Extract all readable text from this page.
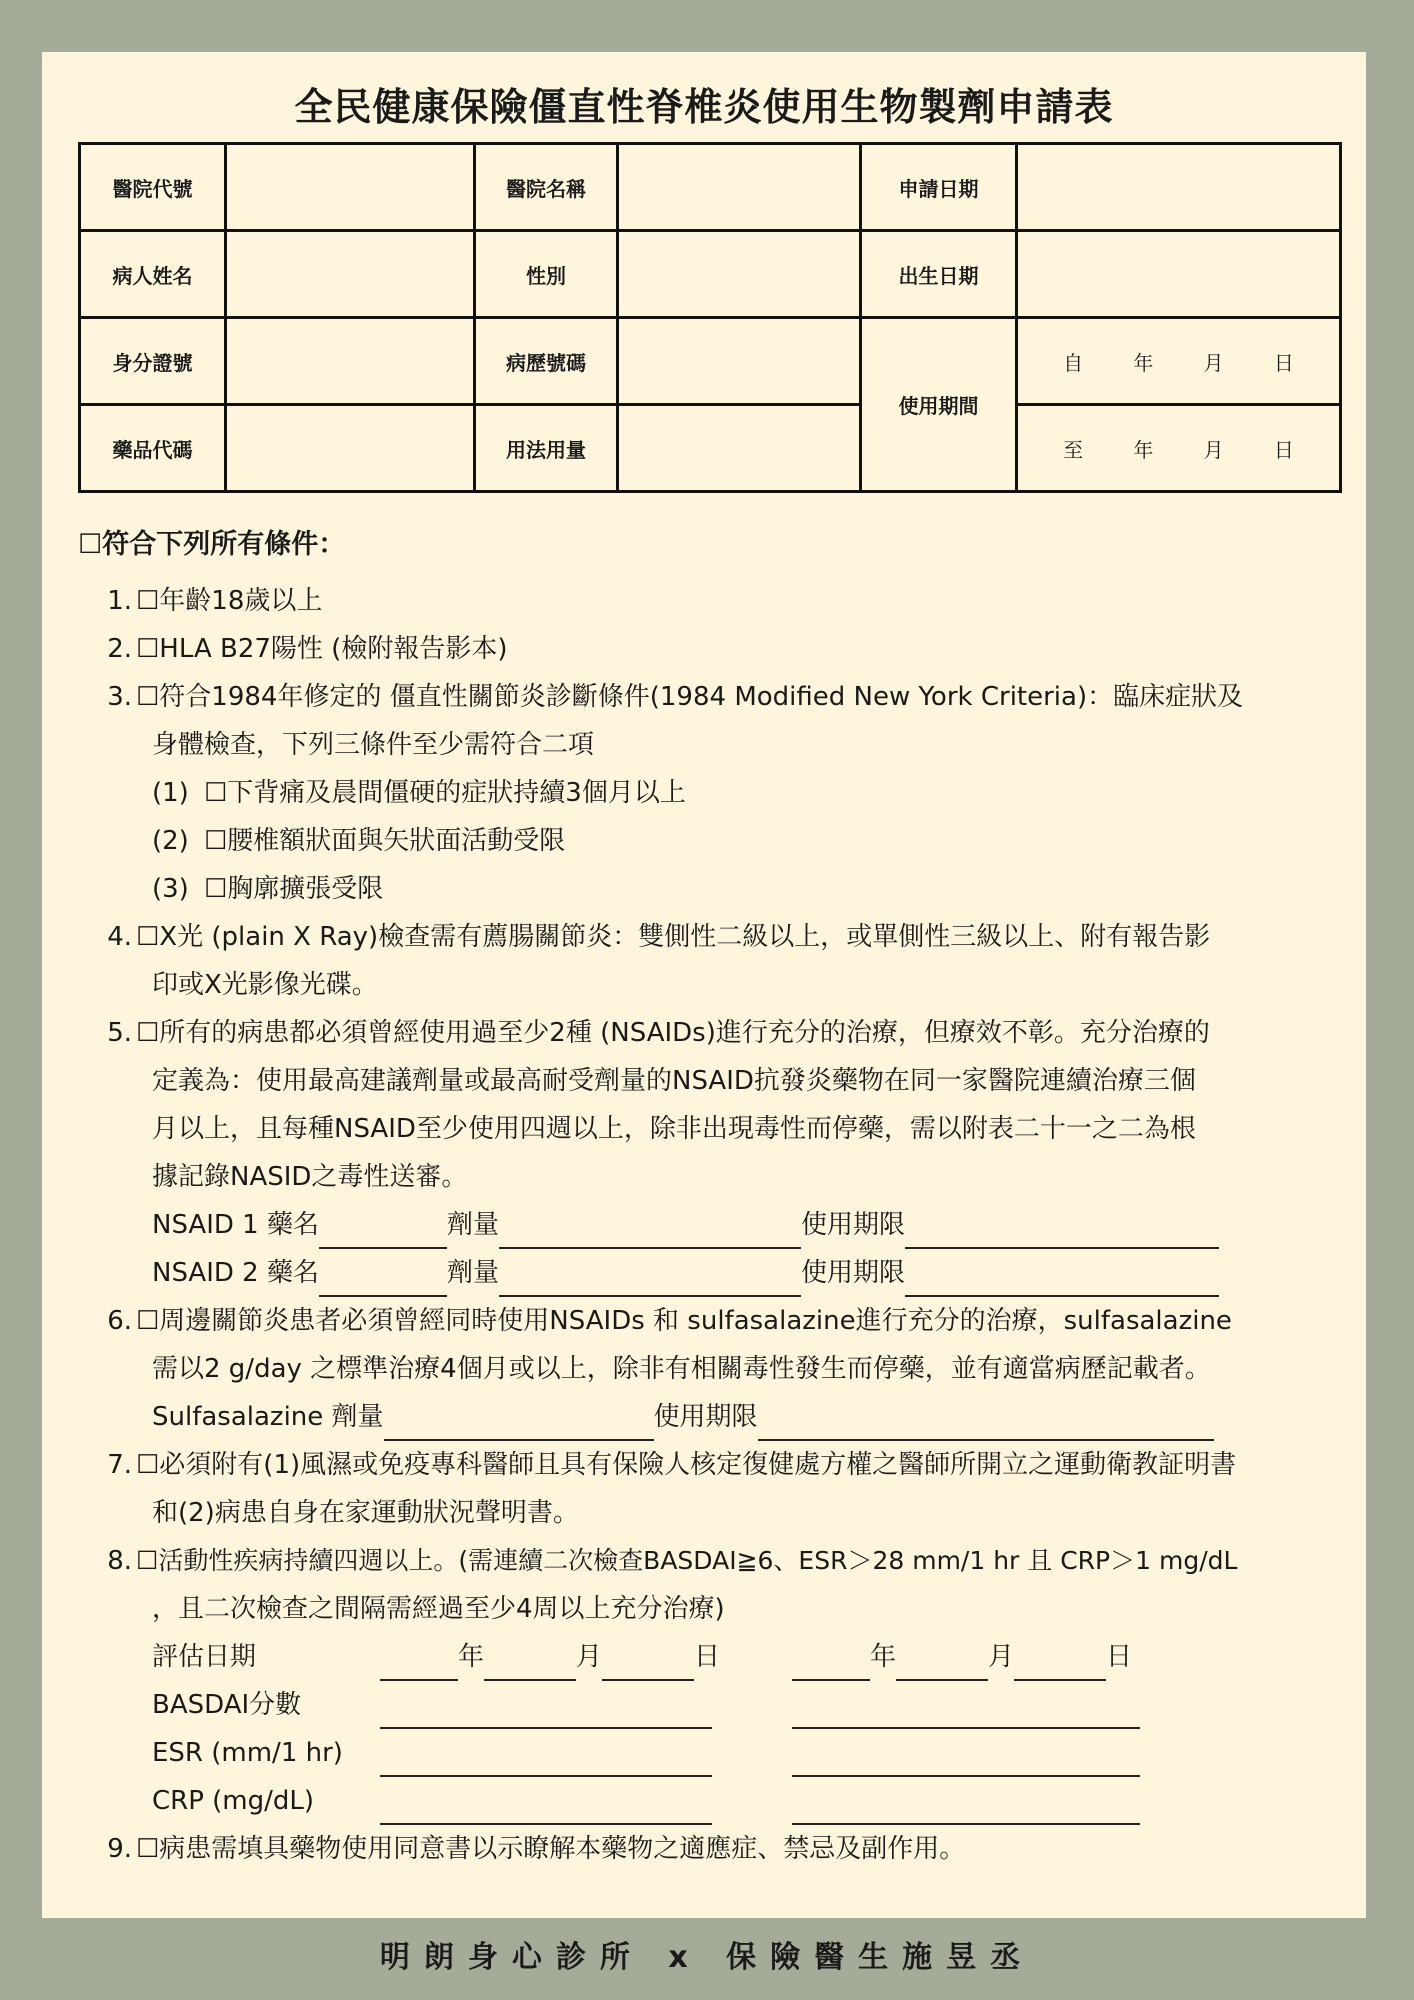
全民健康保險僵直性脊椎炎使用生物製劑申請表
醫院代號		醫院名稱		申請日期	
病人姓名		性別		出生日期	
身分證號		病歷號碼		使用期間	自 年 月 日

藥品代碼		用法用量			至 年 月 日
☐符合下列所有條件：
1. ☐年齡18歲以上
2. ☐HLA B27陽性 (檢附報告影本)
3. ☐符合1984年修定的 僵直性關節炎診斷條件(1984 Modified New York Criteria)：臨床症狀及
身體檢查，下列三條件至少需符合二項
(1) ☐下背痛及晨間僵硬的症狀持續3個月以上
(2) ☐腰椎額狀面與矢狀面活動受限
(3) ☐胸廓擴張受限
4. ☐X光 (plain X Ray)檢查需有薦腸關節炎：雙側性二級以上，或單側性三級以上、附有報告影
印或X光影像光碟。
5. ☐所有的病患都必須曾經使用過至少2種 (NSAIDs)進行充分的治療，但療效不彰。充分治療的
定義為：使用最高建議劑量或最高耐受劑量的NSAID抗發炎藥物在同一家醫院連續治療三個
月以上，且每種NSAID至少使用四週以上，除非出現毒性而停藥，需以附表二十一之二為根
據記錄NASID之毒性送審。
NSAID 1 藥名	劑量	使用期限
NSAID 2 藥名	劑量	使用期限
6. ☐周邊關節炎患者必須曾經同時使用NSAIDs 和 sulfasalazine進行充分的治療，sulfasalazine
需以2 g/day 之標準治療4個月或以上，除非有相關毒性發生而停藥，並有適當病歷記載者。
Sulfasalazine 劑量	使用期限
7. ☐必須附有(1)風濕或免疫專科醫師且具有保險人核定復健處方權之醫師所開立之運動衛教証明書
和(2)病患自身在家運動狀況聲明書。
8. ☐活動性疾病持續四週以上。(需連續二次檢查BASDAI≧6、ESR＞28 mm/1 hr 且 CRP＞1 mg/dL
，且二次檢查之間隔需經過至少4周以上充分治療)
評估日期	年	月	日	年	月	日
BASDAI分數
ESR (mm/1 hr)
CRP (mg/dL)
9. ☐病患需填具藥物使用同意書以示瞭解本藥物之適應症、禁忌及副作用。
明朗身心診所 x 保險醫生施昱丞
